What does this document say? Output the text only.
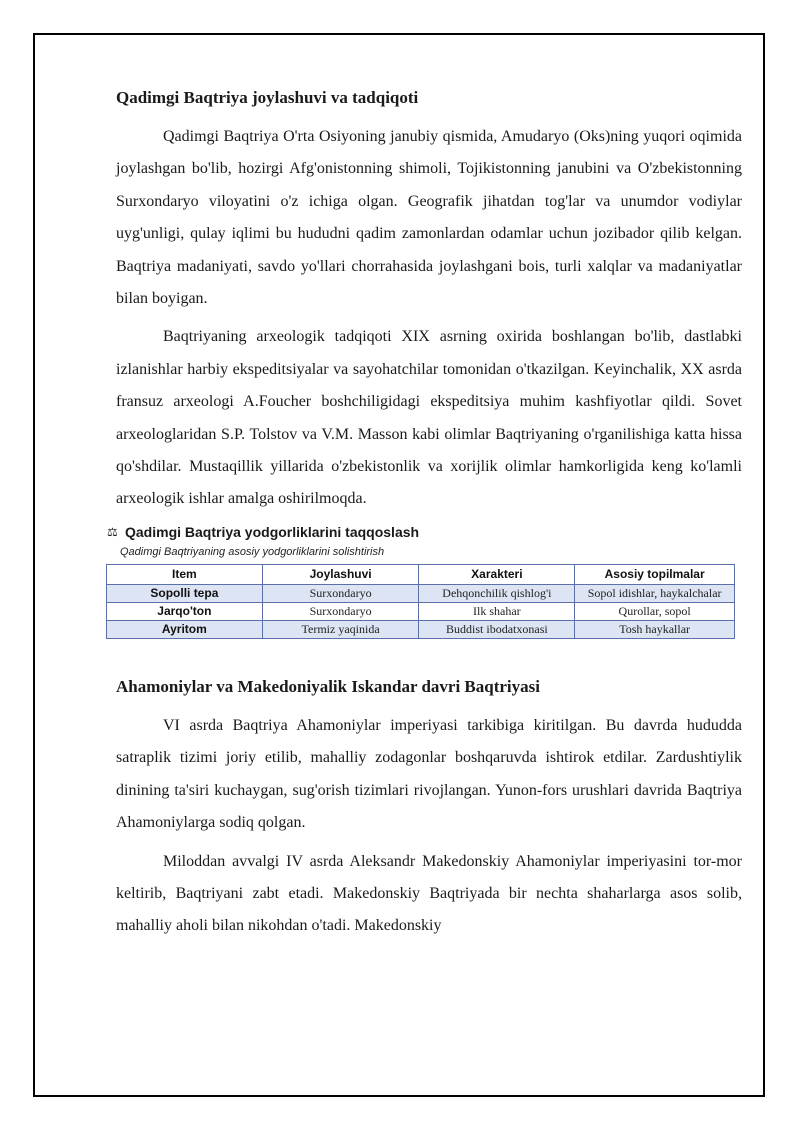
Qadimgi Baqtriya joylashuvi va tadqiqoti

Qadimgi Baqtriya O'rta Osiyoning janubiy qismida, Amudaryo (Oks)ning yuqori oqimida joylashgan bo'lib, hozirgi Afg'onistonning shimoli, Tojikistonning janubini va O'zbekistonning Surxondaryo viloyatini o'z ichiga olgan. Geografik jihatdan tog'lar va unumdor vodiylar uyg'unligi, qulay iqlimi bu hududni qadim zamonlardan odamlar uchun jozibador qilib kelgan. Baqtriya madaniyati, savdo yo'llari chorrahasida joylashgani bois, turli xalqlar va madaniyatlar bilan boyigan.

Baqtriyaning arxeologik tadqiqoti XIX asrning oxirida boshlangan bo'lib, dastlabki izlanishlar harbiy ekspeditsiyalar va sayohatchilar tomonidan o'tkazilgan. Keyinchalik, XX asrda fransuz arxeologi A.Foucher boshchiligidagi ekspeditsiya muhim kashfiyotlar qildi. Sovet arxeologlaridan S.P. Tolstov va V.M. Masson kabi olimlar Baqtriyaning o'rganilishiga katta hissa qo'shdilar. Mustaqillik yillarida o'zbekistonlik va xorijlik olimlar hamkorligida keng ko'lamli arxeologik ishlar amalga oshirilmoqda.

⚖ Qadimgi Baqtriya yodgorliklarini taqqoslash
Qadimgi Baqtriyaning asosiy yodgorliklarini solishtirish
Item	Joylashuvi	Xarakteri	Asosiy topilmalar
Sopolli tepa	Surxondaryo	Dehqonchilik qishlog'i	Sopol idishlar, haykalchalar
Jarqo'ton	Surxondaryo	Ilk shahar	Qurollar, sopol
Ayritom	Termiz yaqinida	Buddist ibodatxonasi	Tosh haykallar
Ahamoniylar va Makedoniyalik Iskandar davri Baqtriyasi

VI asrda Baqtriya Ahamoniylar imperiyasi tarkibiga kiritilgan. Bu davrda hududda satraplik tizimi joriy etilib, mahalliy zodagonlar boshqaruvda ishtirok etdilar. Zardushtiylik dinining ta'siri kuchaygan, sug'orish tizimlari rivojlangan. Yunon-fors urushlari davrida Baqtriya Ahamoniylarga sodiq qolgan.

Miloddan avvalgi IV asrda Aleksandr Makedonskiy Ahamoniylar imperiyasini tor-mor keltirib, Baqtriyani zabt etadi. Makedonskiy Baqtriyada bir nechta shaharlarga asos solib, mahalliy aholi bilan nikohdan o'tadi. Makedonskiy
